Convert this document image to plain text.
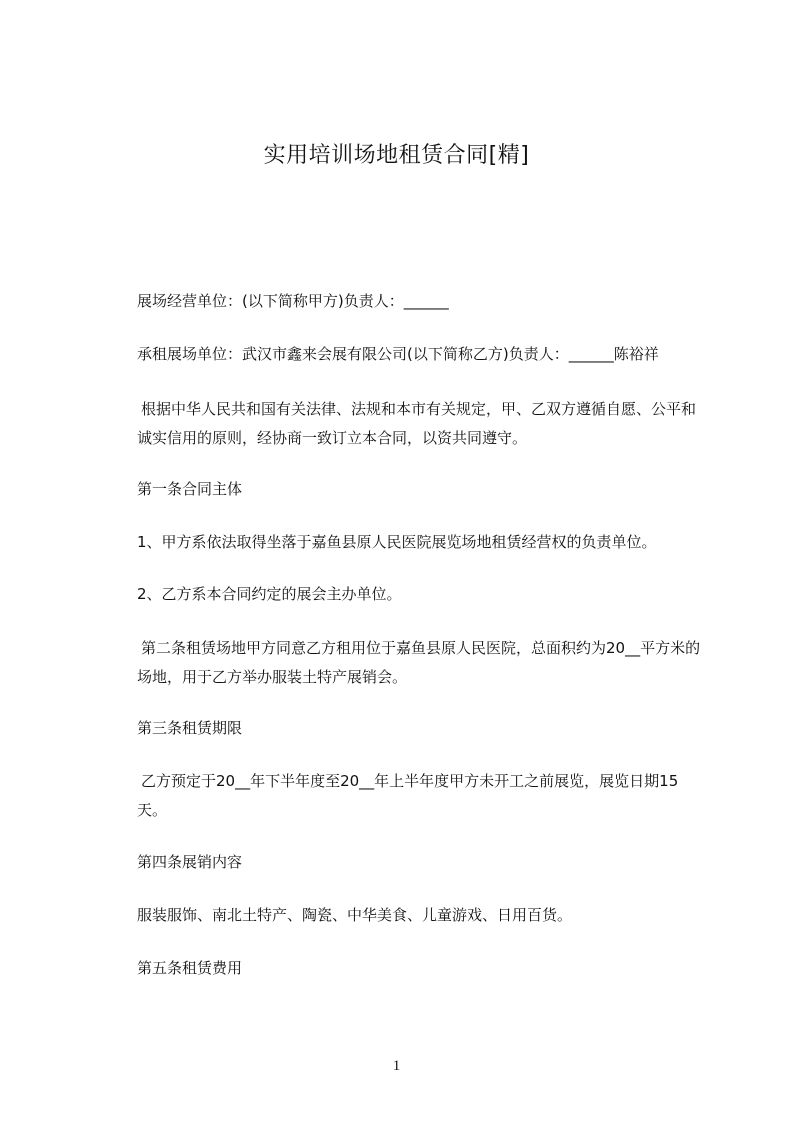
实用培训场地租赁合同[精]

展场经营单位：(以下简称甲方)负责人：______

承租展场单位：武汉市鑫来会展有限公司(以下简称乙方)负责人：______陈裕祥

根据中华人民共和国有关法律、法规和本市有关规定，甲、乙双方遵循自愿、公平和诚实信用的原则，经协商一致订立本合同，以资共同遵守。

第一条合同主体

1、甲方系依法取得坐落于嘉鱼县原人民医院展览场地租赁经营权的负责单位。

2、乙方系本合同约定的展会主办单位。

第二条租赁场地甲方同意乙方租用位于嘉鱼县原人民医院，总面积约为20__平方米的场地，用于乙方举办服装土特产展销会。

第三条租赁期限

乙方预定于20__年下半年度至20__年上半年度甲方未开工之前展览，展览日期15天。

第四条展销内容

服装服饰、南北土特产、陶瓷、中华美食、儿童游戏、日用百货。

第五条租赁费用

1
